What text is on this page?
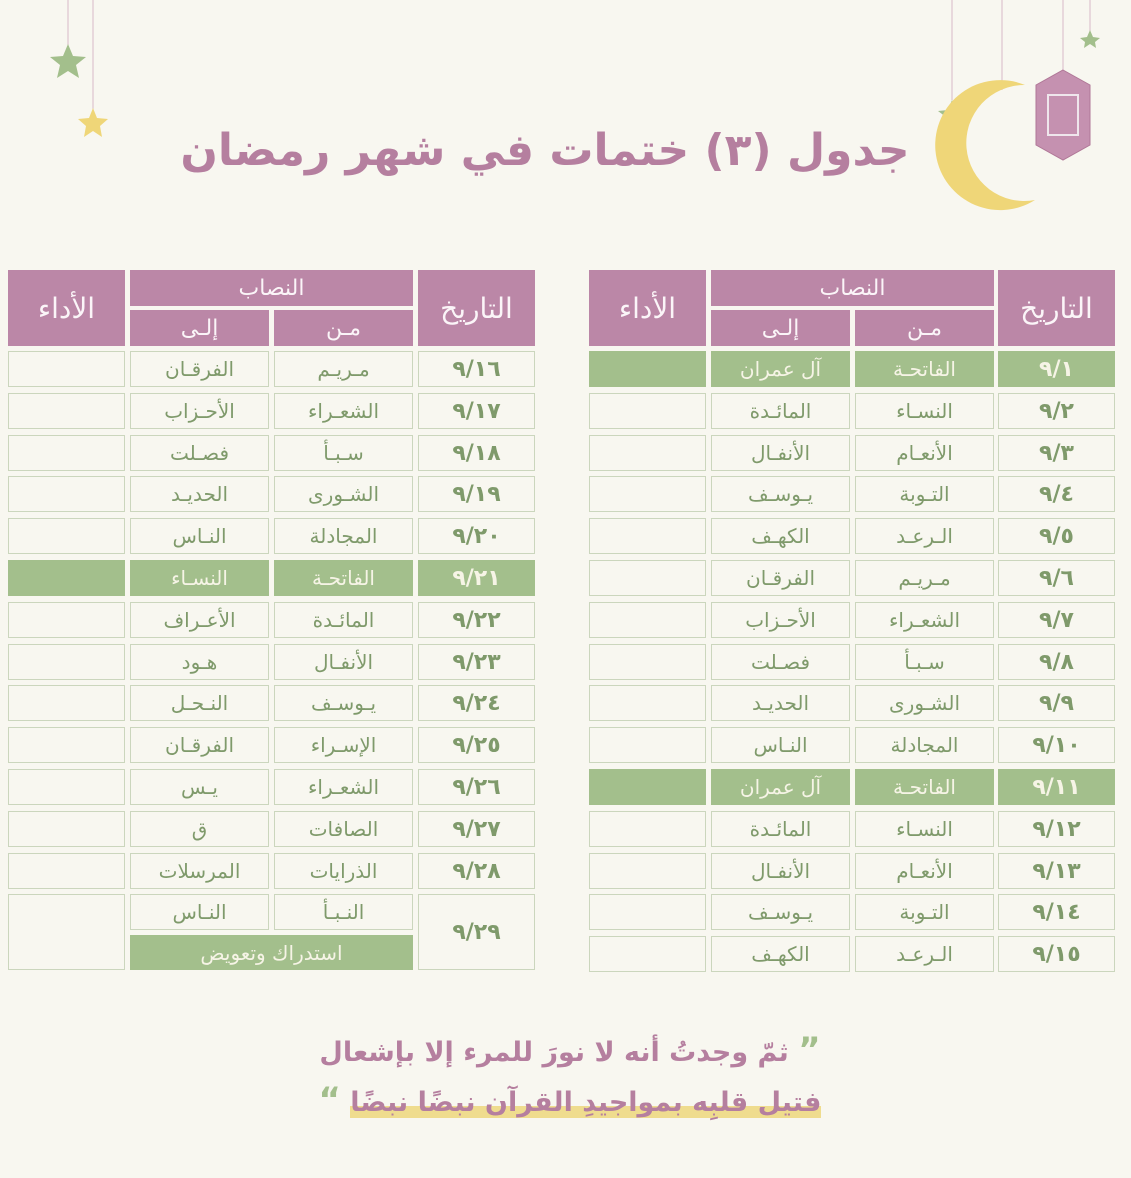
جدول (٣) ختمات في شهر رمضان
التاريخ
النصاب
مـن
إلـى
الأداء
٩/١
الفاتحـة
آل عمران
٩/٢
النسـاء
المائـدة
٩/٣
الأنعـام
الأنفـال
٩/٤
التـوبة
يـوسـف
٩/٥
الـرعـد
الكهـف
٩/٦
مـريـم
الفرقـان
٩/٧
الشعـراء
الأحـزاب
٩/٨
سـبـأ
فصـلت
٩/٩
الشـورى
الحديـد
٩/١٠
المجادلة
النـاس
٩/١١
الفاتحـة
آل عمران
٩/١٢
النسـاء
المائـدة
٩/١٣
الأنعـام
الأنفـال
٩/١٤
التـوبة
يـوسـف
٩/١٥
الـرعـد
الكهـف
التاريخ
النصاب
مـن
إلـى
الأداء
٩/١٦
مـريـم
الفرقـان
٩/١٧
الشعـراء
الأحـزاب
٩/١٨
سـبـأ
فصـلت
٩/١٩
الشـورى
الحديـد
٩/٢٠
المجادلة
النـاس
٩/٢١
الفاتحـة
النسـاء
٩/٢٢
المائـدة
الأعـراف
٩/٢٣
الأنفـال
هـود
٩/٢٤
يـوسـف
النـحـل
٩/٢٥
الإسـراء
الفرقـان
٩/٢٦
الشعـراء
يـس
٩/٢٧
الصافات
ق
٩/٢٨
الذرايات
المرسلات
٩/٢٩
النـبـأ
النـاس
استدراك وتعويض
” ثمّ وجدتُ أنه لا نورَ للمرء إلا بإشعال
فتيل قلبِه بمواجيدِ القرآن نبضًا نبضًا “
